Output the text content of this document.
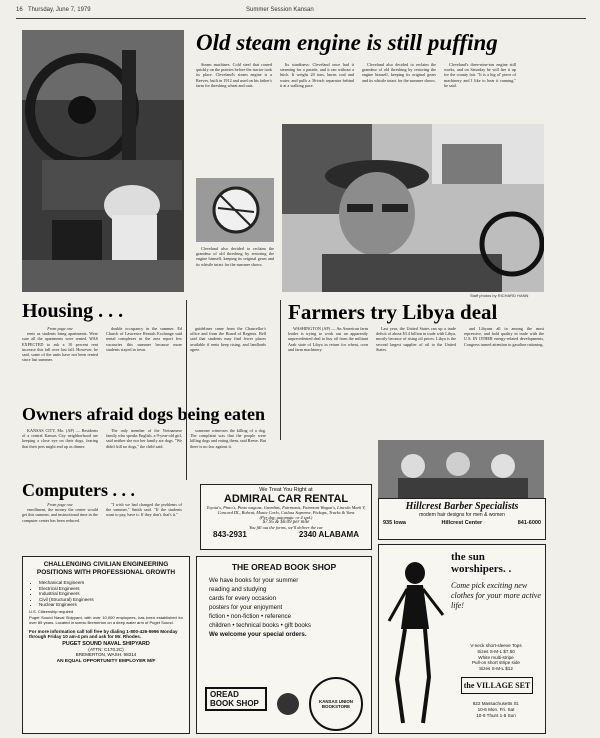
16 Thursday, June 7, 1979	Summer Session Kansan
Old steam engine is still puffing

Steam machines. Cold steel that roared quickly on the prairies before the tractor took its place. Cleveland's steam engine is a Reeves, built in 1912 and used on his father's farm for threshing wheat and oats.

Its sturdiness: Cleveland once had it steaming for a parade, and it ran without a hitch. It weighs 20 tons, burns coal and water, and pulls a 36-inch separator behind it at a walking pace.

Cleveland also decided to reclaim the grandeur of old threshing by restoring the engine himself, keeping its original gears and its whistle intact for the summer shows.

Cleveland's three-nine-ton engine still works, and on Saturday he will fire it up for the county fair. "It is a big ol' piece of machinery and I like to hear it running," he said.

Cleveland also decided to reclaim the grandeur of old threshing by restoring the engine himself, keeping its original gears and its whistle intact for the summer shows.

Staff photos by RICHARD HANN
Housing . . .
From page one

rents as students bring apartments. Were sure all the apartments were rented. WAS EXPECTED to ask a 10 percent rent increase this fall over last fall. However, he said, some of the units have not been rented since last summer.

double occupancy in the summer. Ed Church of Lawrence Rentals Exchange said rental complexes in the area report few vacancies this summer because more students stayed in town.

guidelines came from the Chancellor's office and from the Board of Regents. Bell said that students may find fewer places available if rents keep rising, and landlords agree.

Farmers try Libya deal

WASHINGTON (AP) — An American farm leader is trying to work out an apparently unprecedented deal to buy oil from the militant Arab state of Libya in return for wheat, corn and farm machinery.

Last year, the United States ran up a trade deficit of about $3.4 billion in trade with Libya, mostly because of rising oil prices. Libya is the second largest supplier of oil to the United States.

and Libyans all in among the most repressive, and hold quality in trade with the U.S. IN OTHER energy-related developments, Congress turned attention to gasoline rationing.

Owners afraid dogs being eaten

KANSAS CITY, Mo. (AP) — Residents of a central Kansas City neighborhood are keeping a close eye on their dogs, fearing that their pets might end up as dinner.

The only member of the Vietnamese family who speaks English, a 9-year-old girl, said neither she nor her family ate dogs. "We didn't kill no dogs," the child said.

someone witnesses the killing of a dog. The complaint was that the people were killing dogs and eating them, said Reese. But there is no law against it.

Hillcrest Barber Specialists
modern hair designs for men & women
935 Iowa	Hillcrest Center	841-6000
We Treat You Right at
ADMIRAL CAR RENTAL
Toyota's, Pinto's, Pinto wagons, Gremlins, Fairmonts, Fairmont Wagon's, Lincoln Mark V, Concord DL, Bobcat, Monte Carlo, Cutlass Supreme, Pickups, Trucks & Vans
(Per day, automatic or 4 spd.)
$7.95 & $0.09 per mile
You fill out the forms, we'll deliver the car
843-2931	2340 ALABAMA
Computers . . .
From page one

enrollment, the money the center would get this summer, and instructional time in the computer center has been reduced.

"I wish we had changed the problems of the summer," Smith said. "If the students want to pay, have it. If they don't, that's it."

CHALLENGING CIVILIAN ENGINEERING POSITIONS WITH PROFESSIONAL GROWTH
• Mechanical Engineers
• Electrical Engineers
• Industrial Engineers
• Civil (Structural) Engineers
• Nuclear Engineers
U.S. Citizenship required
Puget Sound Naval Shipyard, with over 10,000 employees, has been established for over 85 years. Located in scenic Bremerton on a deep water arm of Puget Sound.
For more information call toll free by dialing 1-800-426-5996 Monday through Friday 10 am-4 pm and ask for Mr. Rhodes.
PUGET SOUND NAVAL SHIPYARD
(ATTN: C170.2C)
BREMERTON, WASH. 98314
AN EQUAL OPPORTUNITY EMPLOYER M/F
THE OREAD BOOK SHOP
We have books for your summer
reading and studying
cards for every occasion
posters for your enjoyment
fiction • non-fiction • reference
children • technical books • gift books
We welcome your special orders.
OREAD BOOK SHOP	KANSAS UNION BOOKSTORE
the sun worshipers. .
Come pick exciting new clothes for your more active life!
V-neck short-sleeve Tops
Sizes S-M-L $7.50
White multi-stripe
Pull-on short stripe side
Sizes S-M-L $12
the VILLAGE SET
922 Massachusetts St.
10-6 Mon. Fri. Sat
10-9 Thurs 1-5 Sun
